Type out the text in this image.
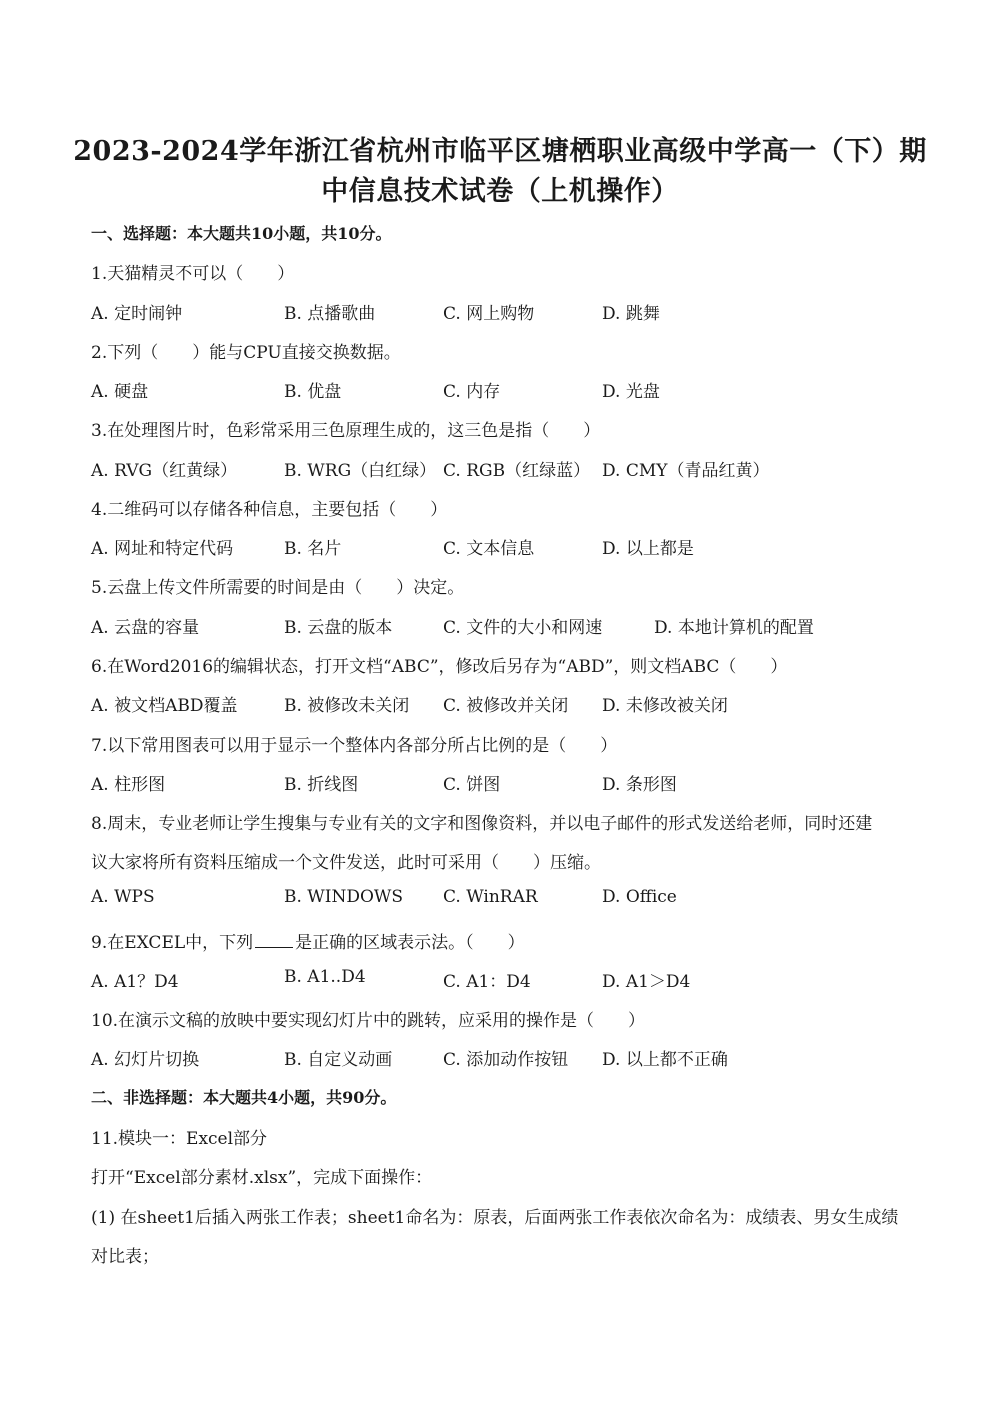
2023-2024学年浙江省杭州市临平区塘栖职业高级中学高一（下）期
中信息技术试卷（上机操作）
一、选择题：本大题共10小题，共10分。
1.天猫精灵不可以（　　）
A. 定时闹钟	B. 点播歌曲	C. 网上购物	D. 跳舞
2.下列（　　）能与CPU直接交换数据。
A. 硬盘	B. 优盘	C. 内存	D. 光盘
3.在处理图片时，色彩常采用三色原理生成的，这三色是指（　　）
A. RVG（红黄绿）	B. WRG（白红绿） C. RGB（红绿蓝） D. CMY（青品红黄）
4.二维码可以存储各种信息，主要包括（　　）
A. 网址和特定代码	B. 名片	C. 文本信息	D. 以上都是
5.云盘上传文件所需要的时间是由（　　）决定。
A. 云盘的容量	B. 云盘的版本	C. 文件的大小和网速	D. 本地计算机的配置
6.在Word2016的编辑状态，打开文档“ABC”，修改后另存为“ABD”，则文档ABC（　　）
A. 被文档ABD覆盖	B. 被修改未关闭 C. 被修改并关闭 D. 未修改被关闭
7.以下常用图表可以用于显示一个整体内各部分所占比例的是（　　）
A. 柱形图	B. 折线图	C. 饼图	D. 条形图
8.周末，专业老师让学生搜集与专业有关的文字和图像资料，并以电子邮件的形式发送给老师，同时还建
议大家将所有资料压缩成一个文件发送，此时可采用（　　）压缩。
A. WPS	B. WINDOWS C. WinRAR	D. Office
9.在EXCEL中，下列 是正确的区域表示法。（　　）
A. A1？D4	B. A1..D4	C. A1：D4	D. A1＞D4
10.在演示文稿的放映中要实现幻灯片中的跳转，应采用的操作是（　　）
A. 幻灯片切换	B. 自定义动画	C. 添加动作按钮 D. 以上都不正确
二、非选择题：本大题共4小题，共90分。
11.模块一：Excel部分
打开“Excel部分素材.xlsx”，完成下面操作：
(1) 在sheet1后插入两张工作表；sheet1命名为：原表，后面两张工作表依次命名为：成绩表、男女生成绩
对比表；
